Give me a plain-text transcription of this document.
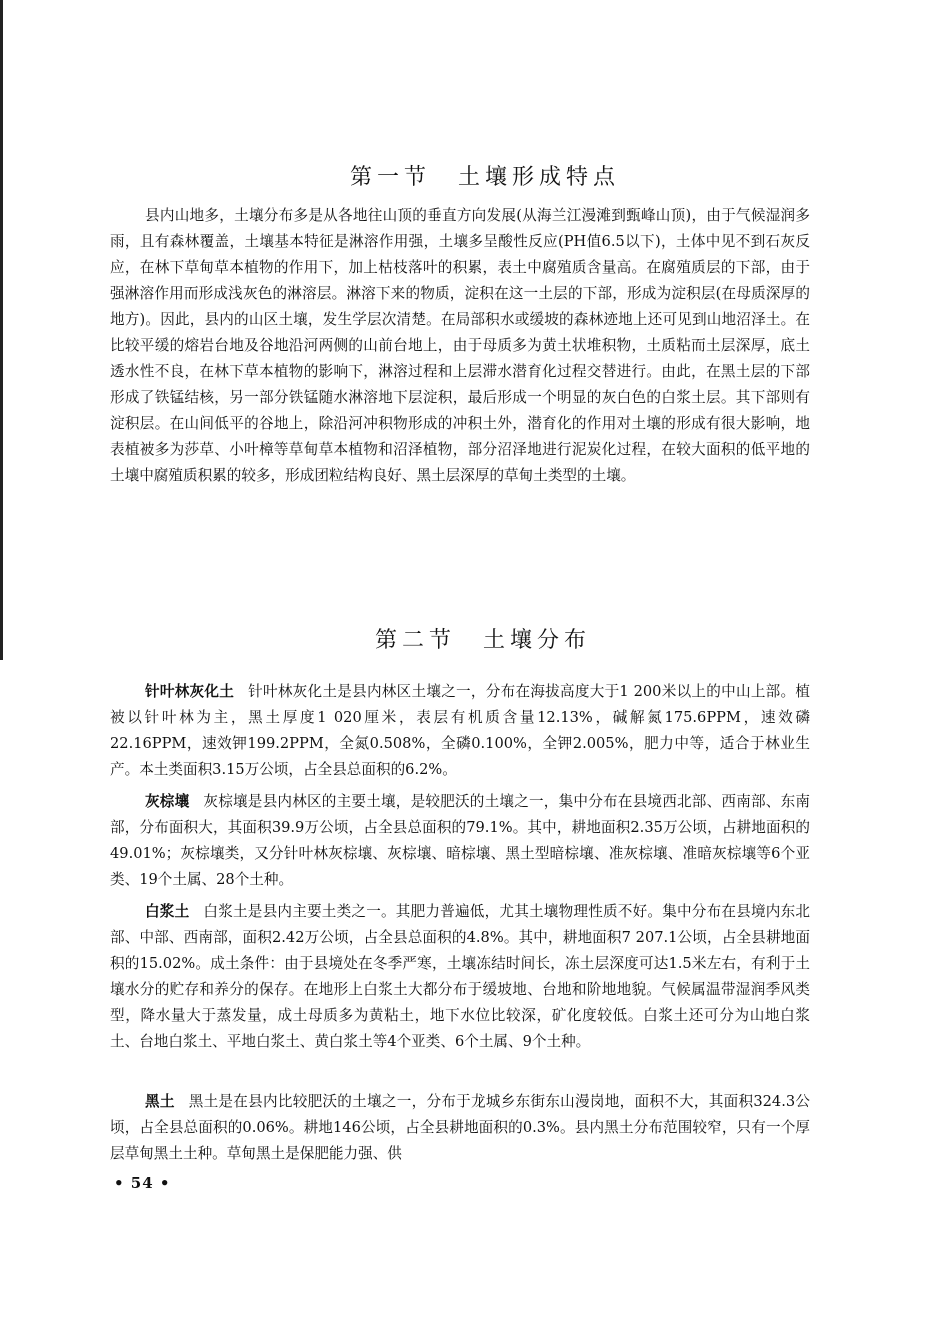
第一节　土壤形成特点

县内山地多，土壤分布多是从各地往山顶的垂直方向发展(从海兰江漫滩到甄峰山顶)，由于气候湿润多雨，且有森林覆盖，土壤基本特征是淋溶作用强，土壤多呈酸性反应(PH值6.5以下)，土体中见不到石灰反应，在林下草甸草本植物的作用下，加上枯枝落叶的积累，表土中腐殖质含量高。在腐殖质层的下部，由于强淋溶作用而形成浅灰色的淋溶层。淋溶下来的物质，淀积在这一土层的下部，形成为淀积层(在母质深厚的地方)。因此，县内的山区土壤，发生学层次清楚。在局部积水或缓坡的森林迹地上还可见到山地沼泽土。在比较平缓的熔岩台地及谷地沿河两侧的山前台地上，由于母质多为黄土状堆积物，土质粘而土层深厚，底土透水性不良，在林下草本植物的影响下，淋溶过程和上层滞水潜育化过程交替进行。由此，在黑土层的下部形成了铁锰结核，另一部分铁锰随水淋溶地下层淀积，最后形成一个明显的灰白色的白浆土层。其下部则有淀积层。在山间低平的谷地上，除沿河冲积物形成的冲积土外，潜育化的作用对土壤的形成有很大影响，地表植被多为莎草、小叶樟等草甸草本植物和沼泽植物，部分沼泽地进行泥炭化过程，在较大面积的低平地的土壤中腐殖质积累的较多，形成团粒结构良好、黑土层深厚的草甸土类型的土壤。

第二节　土壤分布

针叶林灰化土 针叶林灰化土是县内林区土壤之一，分布在海拔高度大于1 200米以上的中山上部。植被以针叶林为主，黑土厚度1 020厘米，表层有机质含量12.13%，碱解氮175.6PPM，速效磷22.16PPM，速效钾199.2PPM，全氮0.508%，全磷0.100%，全钾2.005%，肥力中等，适合于林业生产。本土类面积3.15万公顷，占全县总面积的6.2%。

灰棕壤 灰棕壤是县内林区的主要土壤，是较肥沃的土壤之一，集中分布在县境西北部、西南部、东南部，分布面积大，其面积39.9万公顷，占全县总面积的79.1%。其中，耕地面积2.35万公顷，占耕地面积的49.01%；灰棕壤类，又分针叶林灰棕壤、灰棕壤、暗棕壤、黑土型暗棕壤、准灰棕壤、准暗灰棕壤等6个亚类、19个土属、28个土种。

白浆土 白浆土是县内主要土类之一。其肥力普遍低，尤其土壤物理性质不好。集中分布在县境内东北部、中部、西南部，面积2.42万公顷，占全县总面积的4.8%。其中，耕地面积7 207.1公顷，占全县耕地面积的15.02%。成土条件：由于县境处在冬季严寒，土壤冻结时间长，冻土层深度可达1.5米左右，有利于土壤水分的贮存和养分的保存。在地形上白浆土大都分布于缓坡地、台地和阶地地貌。气候属温带湿润季风类型，降水量大于蒸发量，成土母质多为黄粘土，地下水位比较深，矿化度较低。白浆土还可分为山地白浆土、台地白浆土、平地白浆土、黄白浆土等4个亚类、6个土属、9个土种。

黑土 黑土是在县内比较肥沃的土壤之一，分布于龙城乡东街东山漫岗地，面积不大，其面积324.3公顷，占全县总面积的0.06%。耕地146公顷，占全县耕地面积的0.3%。县内黑土分布范围较窄，只有一个厚层草甸黑土土种。草甸黑土是保肥能力强、供

• 54 •
